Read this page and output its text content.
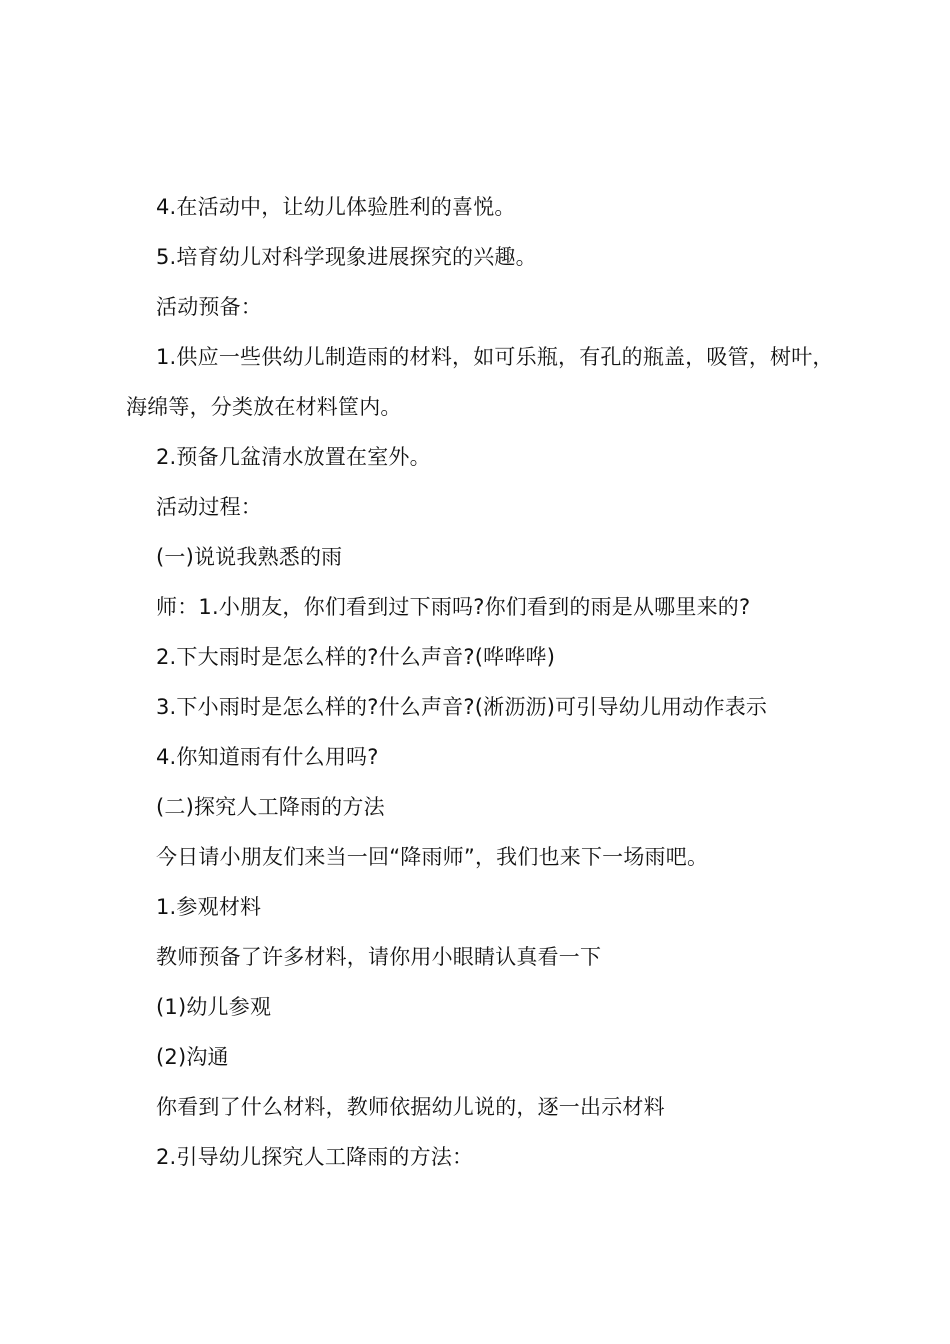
4.在活动中，让幼儿体验胜利的喜悦。

5.培育幼儿对科学现象进展探究的兴趣。

活动预备：

1.供应一些供幼儿制造雨的材料，如可乐瓶，有孔的瓶盖，吸管，树叶，海绵等，分类放在材料筐内。

2.预备几盆清水放置在室外。

活动过程：

(一)说说我熟悉的雨

师：1.小朋友，你们看到过下雨吗?你们看到的雨是从哪里来的?

2.下大雨时是怎么样的?什么声音?(哗哗哗)

3.下小雨时是怎么样的?什么声音?(淅沥沥)可引导幼儿用动作表示

4.你知道雨有什么用吗?

(二)探究人工降雨的方法

今日请小朋友们来当一回“降雨师”，我们也来下一场雨吧。

1.参观材料

教师预备了许多材料，请你用小眼睛认真看一下

(1)幼儿参观

(2)沟通

你看到了什么材料，教师依据幼儿说的，逐一出示材料

2.引导幼儿探究人工降雨的方法：
